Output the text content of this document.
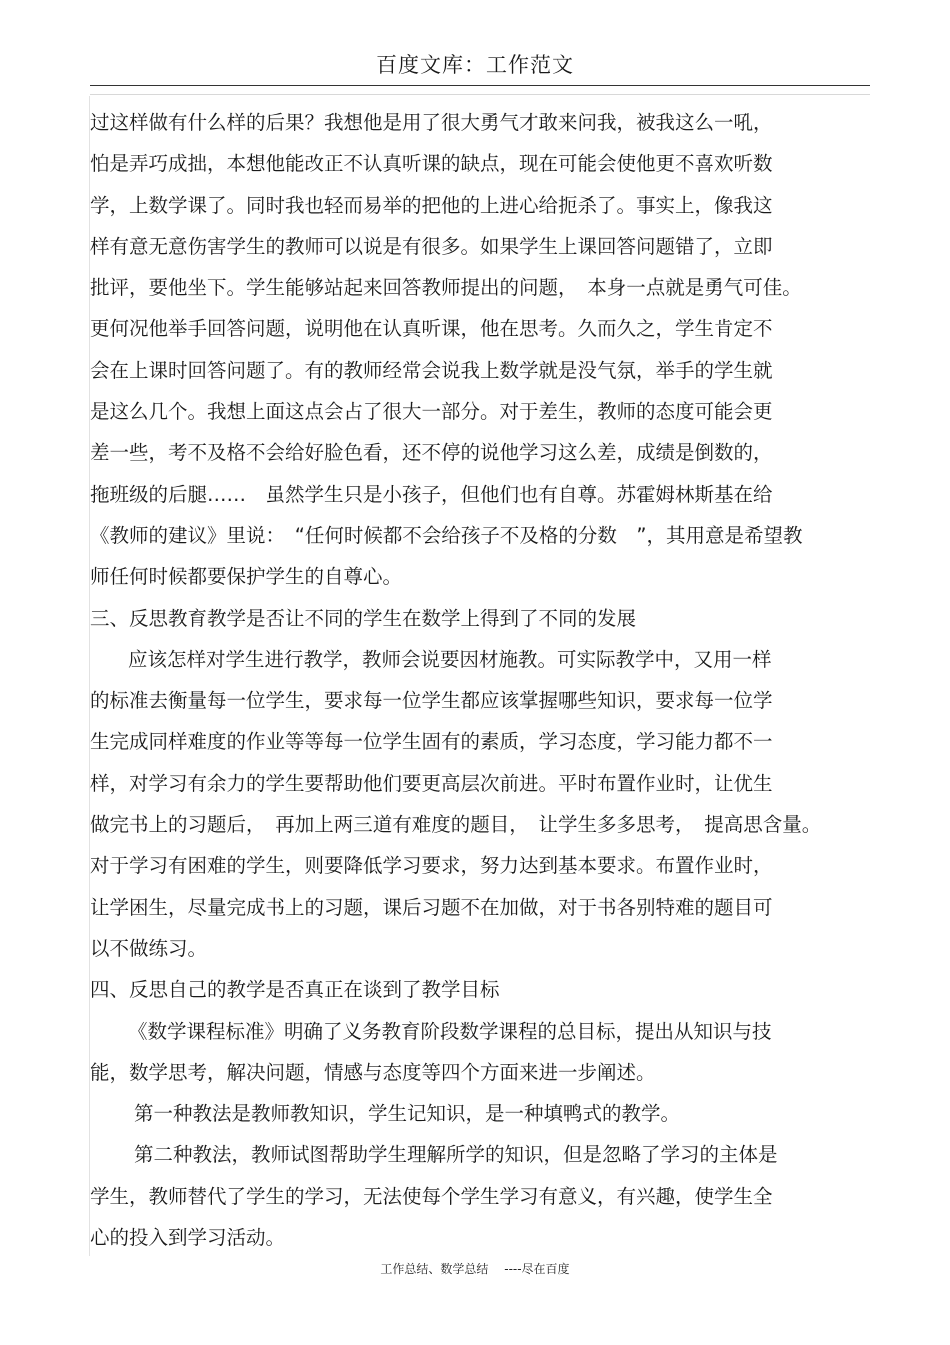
百度文库：工作范文
过这样做有什么样的后果？我想他是用了很大勇气才敢来问我，被我这么一吼，
怕是弄巧成拙，本想他能改正不认真听课的缺点，现在可能会使他更不喜欢听数
学，上数学课了。同时我也轻而易举的把他的上进心给扼杀了。事实上，像我这
样有意无意伤害学生的教师可以说是有很多。如果学生上课回答问题错了，立即
批评，要他坐下。学生能够站起来回答教师提出的问题，　本身一点就是勇气可佳。
更何况他举手回答问题，说明他在认真听课，他在思考。久而久之，学生肯定不
会在上课时回答问题了。有的教师经常会说我上数学就是没气氛，举手的学生就
是这么几个。我想上面这点会占了很大一部分。对于差生，教师的态度可能会更
差一些，考不及格不会给好脸色看，还不停的说他学习这么差，成绩是倒数的，
拖班级的后腿……　虽然学生只是小孩子，但他们也有自尊。苏霍姆林斯基在给
《教师的建议》里说：　“任何时候都不会给孩子不及格的分数　”，其用意是希望教
师任何时候都要保护学生的自尊心。
三、反思教育教学是否让不同的学生在数学上得到了不同的发展
应该怎样对学生进行教学，教师会说要因材施教。可实际教学中，又用一样
的标准去衡量每一位学生，要求每一位学生都应该掌握哪些知识，要求每一位学
生完成同样难度的作业等等每一位学生固有的素质，学习态度，学习能力都不一
样，对学习有余力的学生要帮助他们要更高层次前进。平时布置作业时，让优生
做完书上的习题后，　再加上两三道有难度的题目，　让学生多多思考，　提高思含量。
对于学习有困难的学生，则要降低学习要求，努力达到基本要求。布置作业时，
让学困生，尽量完成书上的习题，课后习题不在加做，对于书各别特难的题目可
以不做练习。
四、反思自己的教学是否真正在谈到了教学目标
《数学课程标准》明确了义务教育阶段数学课程的总目标，提出从知识与技
能，数学思考，解决问题，情感与态度等四个方面来进一步阐述。
第一种教法是教师教知识，学生记知识，是一种填鸭式的教学。
第二种教法，教师试图帮助学生理解所学的知识，但是忽略了学习的主体是
学生，教师替代了学生的学习，无法使每个学生学习有意义，有兴趣，使学生全
心的投入到学习活动。
工作总结、数学总结　 ----尽在百度
